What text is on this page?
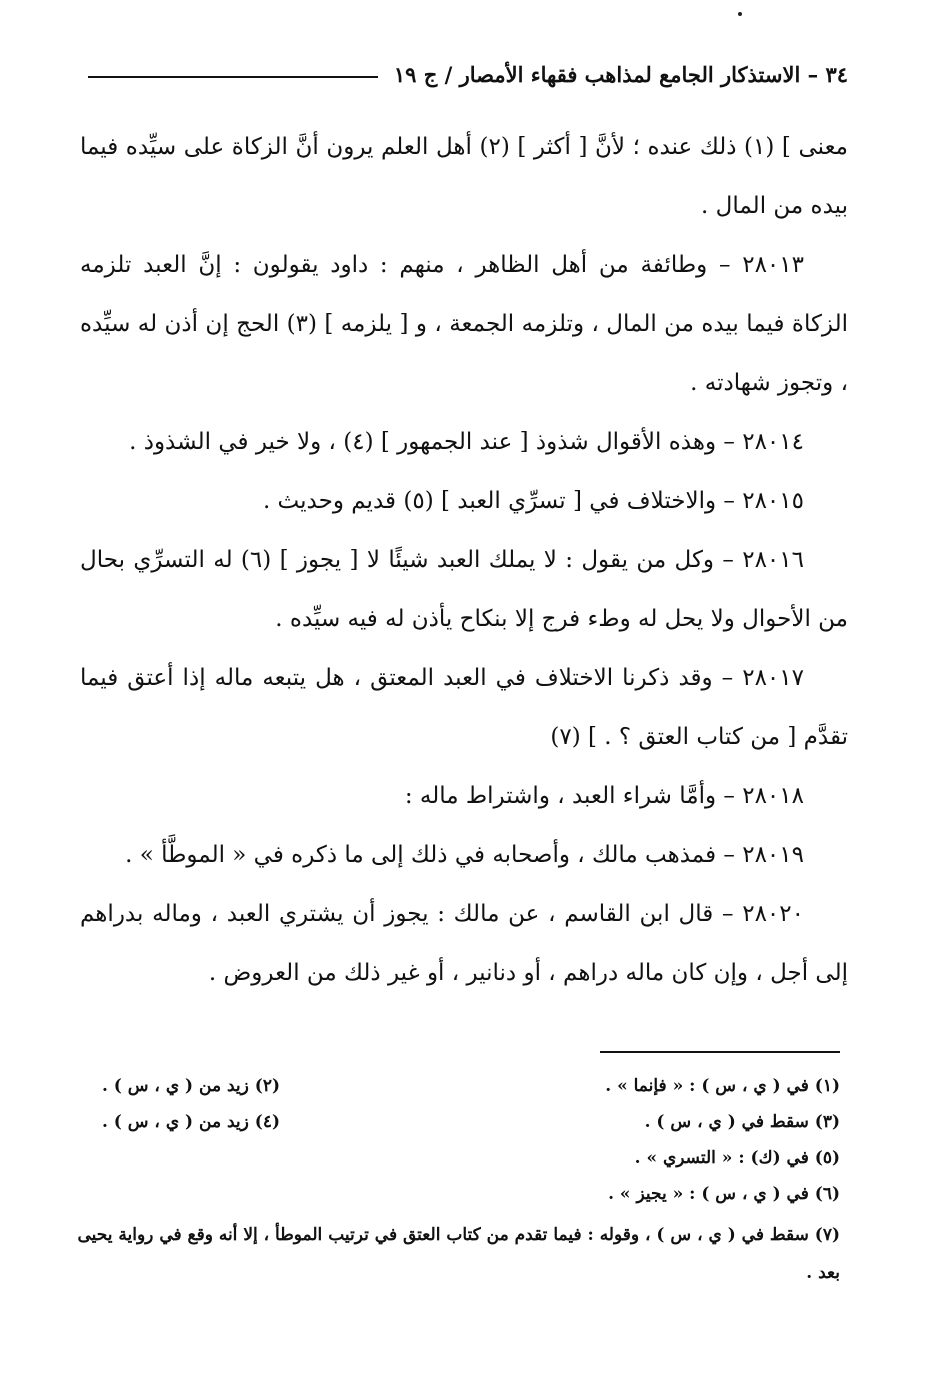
٣٤ – الاستذكار الجامع لمذاهب فقهاء الأمصار / ج ١٩

معنى ] (١) ذلك عنده ؛ لأنَّ [ أكثر ] (٢) أهل العلم يرون أنَّ الزكاة على سيِّده فيما بيده من المال .

٢٨٠١٣ – وطائفة من أهل الظاهر ، منهم : داود يقولون : إنَّ العبد تلزمه الزكاة فيما بيده من المال ، وتلزمه الجمعة ، و [ يلزمه ] (٣) الحج إن أذن له سيِّده ، وتجوز شهادته .

٢٨٠١٤ – وهذه الأقوال شذوذ [ عند الجمهور ] (٤) ، ولا خير في الشذوذ .

٢٨٠١٥ – والاختلاف في [ تسرِّي العبد ] (٥) قديم وحديث .

٢٨٠١٦ – وكل من يقول : لا يملك العبد شيئًا لا [ يجوز ] (٦) له التسرِّي بحال من الأحوال ولا يحل له وطء فرج إلا بنكاح يأذن له فيه سيِّده .

٢٨٠١٧ – وقد ذكرنا الاختلاف في العبد المعتق ، هل يتبعه ماله إذا أعتق فيما تقدَّم [ من كتاب العتق ؟ . ] (٧)

٢٨٠١٨ – وأمَّا شراء العبد ، واشتراط ماله :

٢٨٠١٩ – فمذهب مالك ، وأصحابه في ذلك إلى ما ذكره في « الموطَّأ » .

٢٨٠٢٠ – قال ابن القاسم ، عن مالك : يجوز أن يشتري العبد ، وماله بدراهم إلى أجل ، وإن كان ماله دراهم ، أو دنانير ، أو غير ذلك من العروض .

(١) في ( ي ، س ) : « فإنما » .
(٢) زيد من ( ي ، س ) .
(٣) سقط في ( ي ، س ) .
(٤) زيد من ( ي ، س ) .
(٥) في (ك) : « التسري » .
(٦) في ( ي ، س ) : « يجيز » .
(٧) سقط في ( ي ، س ) ، وقوله : فيما تقدم من كتاب العتق في ترتيب الموطأ ، إلا أنه وقع في رواية يحيى بعد .
